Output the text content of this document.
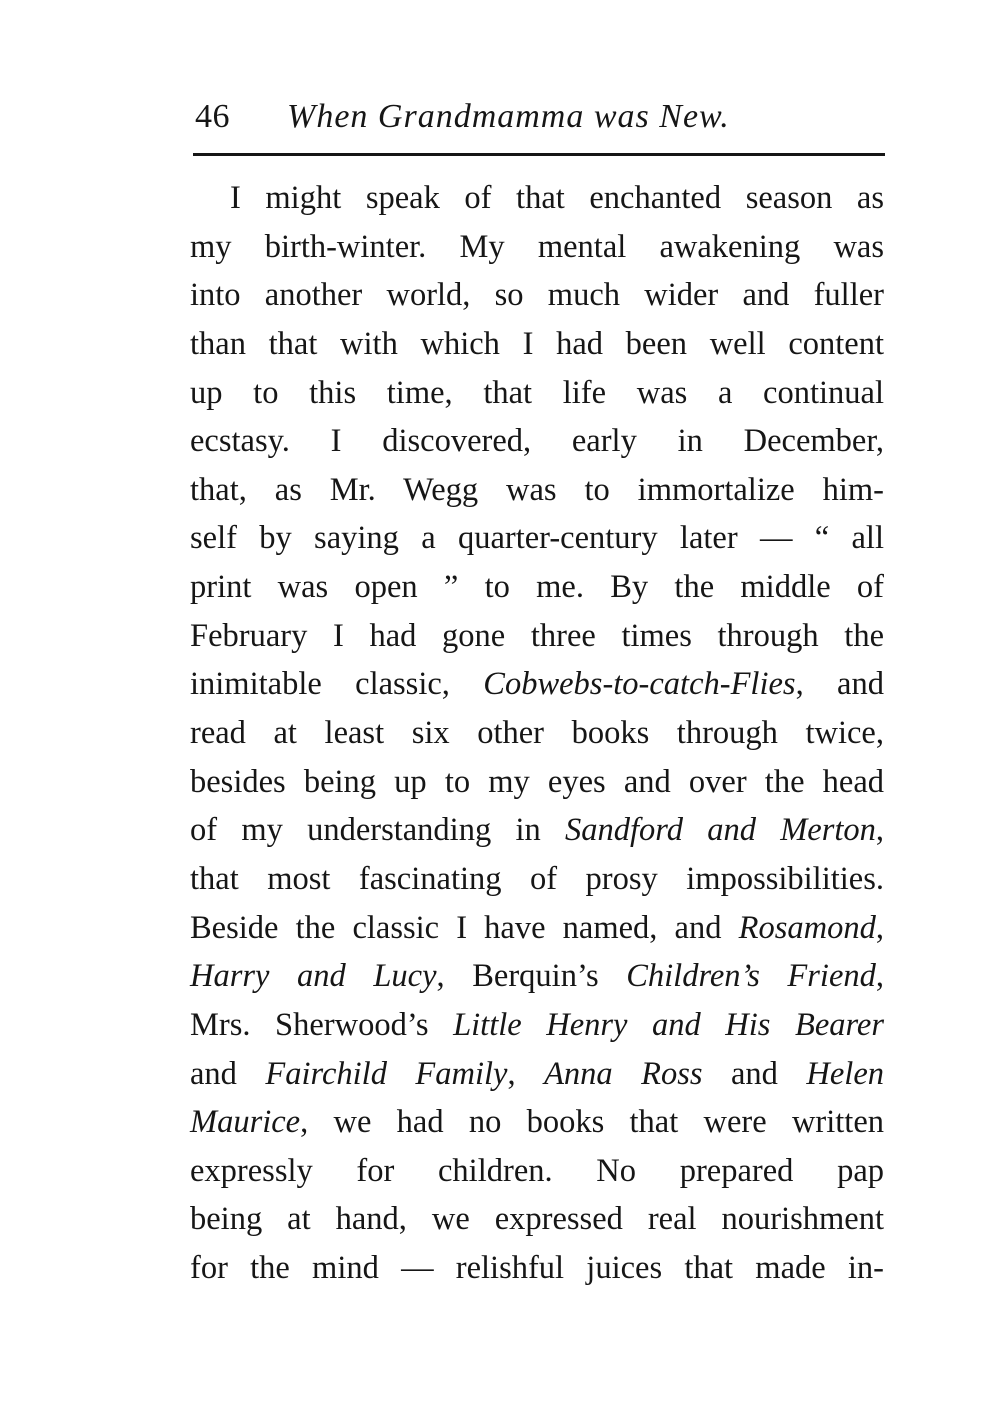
46 When Grandmamma was New.
I might speak of that enchanted season as
my birth-winter. My mental awakening was
into another world, so much wider and fuller
than that with which I had been well content
up to this time, that life was a continual
ecstasy. I discovered, early in December,
that, as Mr. Wegg was to immortalize him-
self by saying a quarter-century later — “ all
print was open ” to me. By the middle of
February I had gone three times through the
inimitable classic, Cobwebs-to-catch-Flies, and
read at least six other books through twice,
besides being up to my eyes and over the head
of my understanding in Sandford and Merton,
that most fascinating of prosy impossibilities.
Beside the classic I have named, and Rosamond,
Harry and Lucy, Berquin’s Children’s Friend,
Mrs. Sherwood’s Little Henry and His Bearer
and Fairchild Family, Anna Ross and Helen
Maurice, we had no books that were written
expressly for children. No prepared pap
being at hand, we expressed real nourishment
for the mind — relishful juices that made in-
